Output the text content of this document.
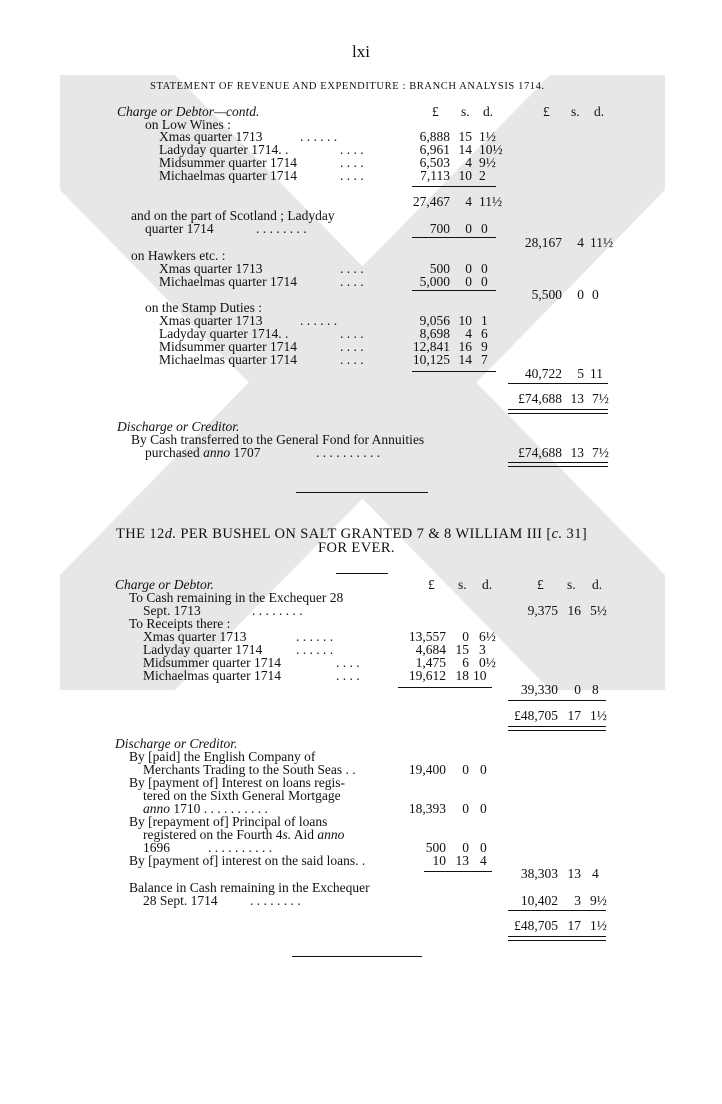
lxi
STATEMENT OF REVENUE AND EXPENDITURE : BRANCH ANALYSIS 1714.
£ s. d.	£ s. d.
Charge or Debtor—contd.
on Low Wines :
Xmas quarter 1713	. . . . . .	6,888 15 1½
Ladyday quarter 1714. .	. . . .	6,961 14 10½
Midsummer quarter 1714	. . . .	6,503	4 9½
Michaelmas quarter 1714	. . . .	7,113 10 2
27,467	4 11½
and on the part of Scotland ; Ladyday
quarter 1714	. . . . . . . .	700	0 0
28,167	4 11½
on Hawkers etc. :
Xmas quarter 1713	. . . .	500	0 0
Michaelmas quarter 1714	. . . .	5,000	0 0
5,500	0 0
on the Stamp Duties :
Xmas quarter 1713	. . . . . .	9,056 10 1
Ladyday quarter 1714. .	. . . .	8,698	4 6
Midsummer quarter 1714	. . . .	12,841 16 9
Michaelmas quarter 1714	. . . .	10,125 14 7
40,722	5 11
£74,688 13 7½
Discharge or Creditor.
By Cash transferred to the General Fond for Annuities
purchased anno 1707	. . . . . . . . . .	£74,688 13 7½
THE 12d. PER BUSHEL ON SALT GRANTED 7 & 8 WILLIAM III [c. 31]
FOR EVER.
£ s. d.	£ s. d.
Charge or Debtor.
To Cash remaining in the Exchequer 28
Sept. 1713	. . . . . . . .	9,375 16 5½
To Receipts there :
Xmas quarter 1713	. . . . . .	13,557	0 6½
Ladyday quarter 1714	. . . . . .	4,684 15 3
Midsummer quarter 1714	. . . .	1,475	6 0½
Michaelmas quarter 1714	. . . .	19,612 18 10
39,330	0 8
£48,705 17 1½
Discharge or Creditor.
By [paid] the English Company of
Merchants Trading to the South Seas . .	19,400	0 0
By [payment of] Interest on loans regis-
tered on the Sixth General Mortgage
anno 1710 . . . . . . . . . .	18,393	0 0
By [repayment of] Principal of loans
registered on the Fourth 4s. Aid anno
1696	. . . . . . . . . .	500	0 0
By [payment of] interest on the said loans. .	10 13 4
38,303 13 4
Balance in Cash remaining in the Exchequer
28 Sept. 1714 . . . . . . . .	10,402	3 9½
£48,705 17 1½
